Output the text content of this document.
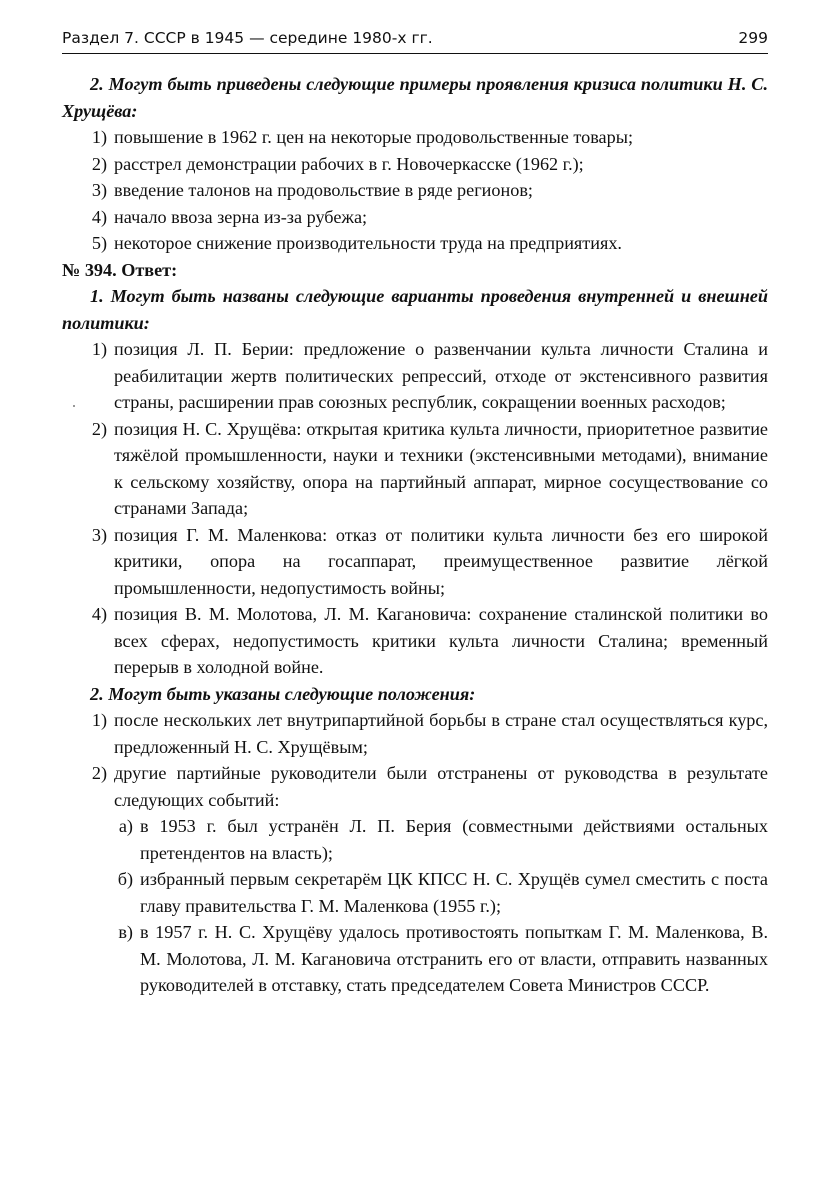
Раздел 7. СССР в 1945 — середине 1980-х гг.	299

2. Могут быть приведены следующие примеры проявления кризиса политики Н. С. Хрущёва:

1) повышение в 1962 г. цен на некоторые продовольственные товары;
2) расстрел демонстрации рабочих в г. Новочеркасске (1962 г.);
3) введение талонов на продовольствие в ряде регионов;
4) начало ввоза зерна из-за рубежа;
5) некоторое снижение производительности труда на предприятиях.

№ 394. Ответ:

1. Могут быть названы следующие варианты проведения внутренней и внешней политики:

1) позиция Л. П. Берии: предложение о развенчании культа личности Сталина и реабилитации жертв политических репрессий, отходе от экстенсивного развития страны, расширении прав союзных республик, сокращении военных расходов;
2) позиция Н. С. Хрущёва: открытая критика культа личности, приоритетное развитие тяжёлой промышленности, науки и техники (экстенсивными методами), внимание к сельскому хозяйству, опора на партийный аппарат, мирное сосуществование со странами Запада;
3) позиция Г. М. Маленкова: отказ от политики культа личности без его широкой критики, опора на госаппарат, преимущественное развитие лёгкой промышленности, недопустимость войны;
4) позиция В. М. Молотова, Л. М. Кагановича: сохранение сталинской политики во всех сферах, недопустимость критики культа личности Сталина; временный перерыв в холодной войне.

2. Могут быть указаны следующие положения:

1) после нескольких лет внутрипартийной борьбы в стране стал осуществляться курс, предложенный Н. С. Хрущёвым;
2) другие партийные руководители были отстранены от руководства в результате следующих событий:
а) в 1953 г. был устранён Л. П. Берия (совместными действиями остальных претендентов на власть);
б) избранный первым секретарём ЦК КПСС Н. С. Хрущёв сумел сместить с поста главу правительства Г. М. Маленкова (1955 г.);
в) в 1957 г. Н. С. Хрущёву удалось противостоять попыткам Г. М. Маленкова, В. М. Молотова, Л. М. Кагановича отстранить его от власти, отправить названных руководителей в отставку, стать председателем Совета Министров СССР.
